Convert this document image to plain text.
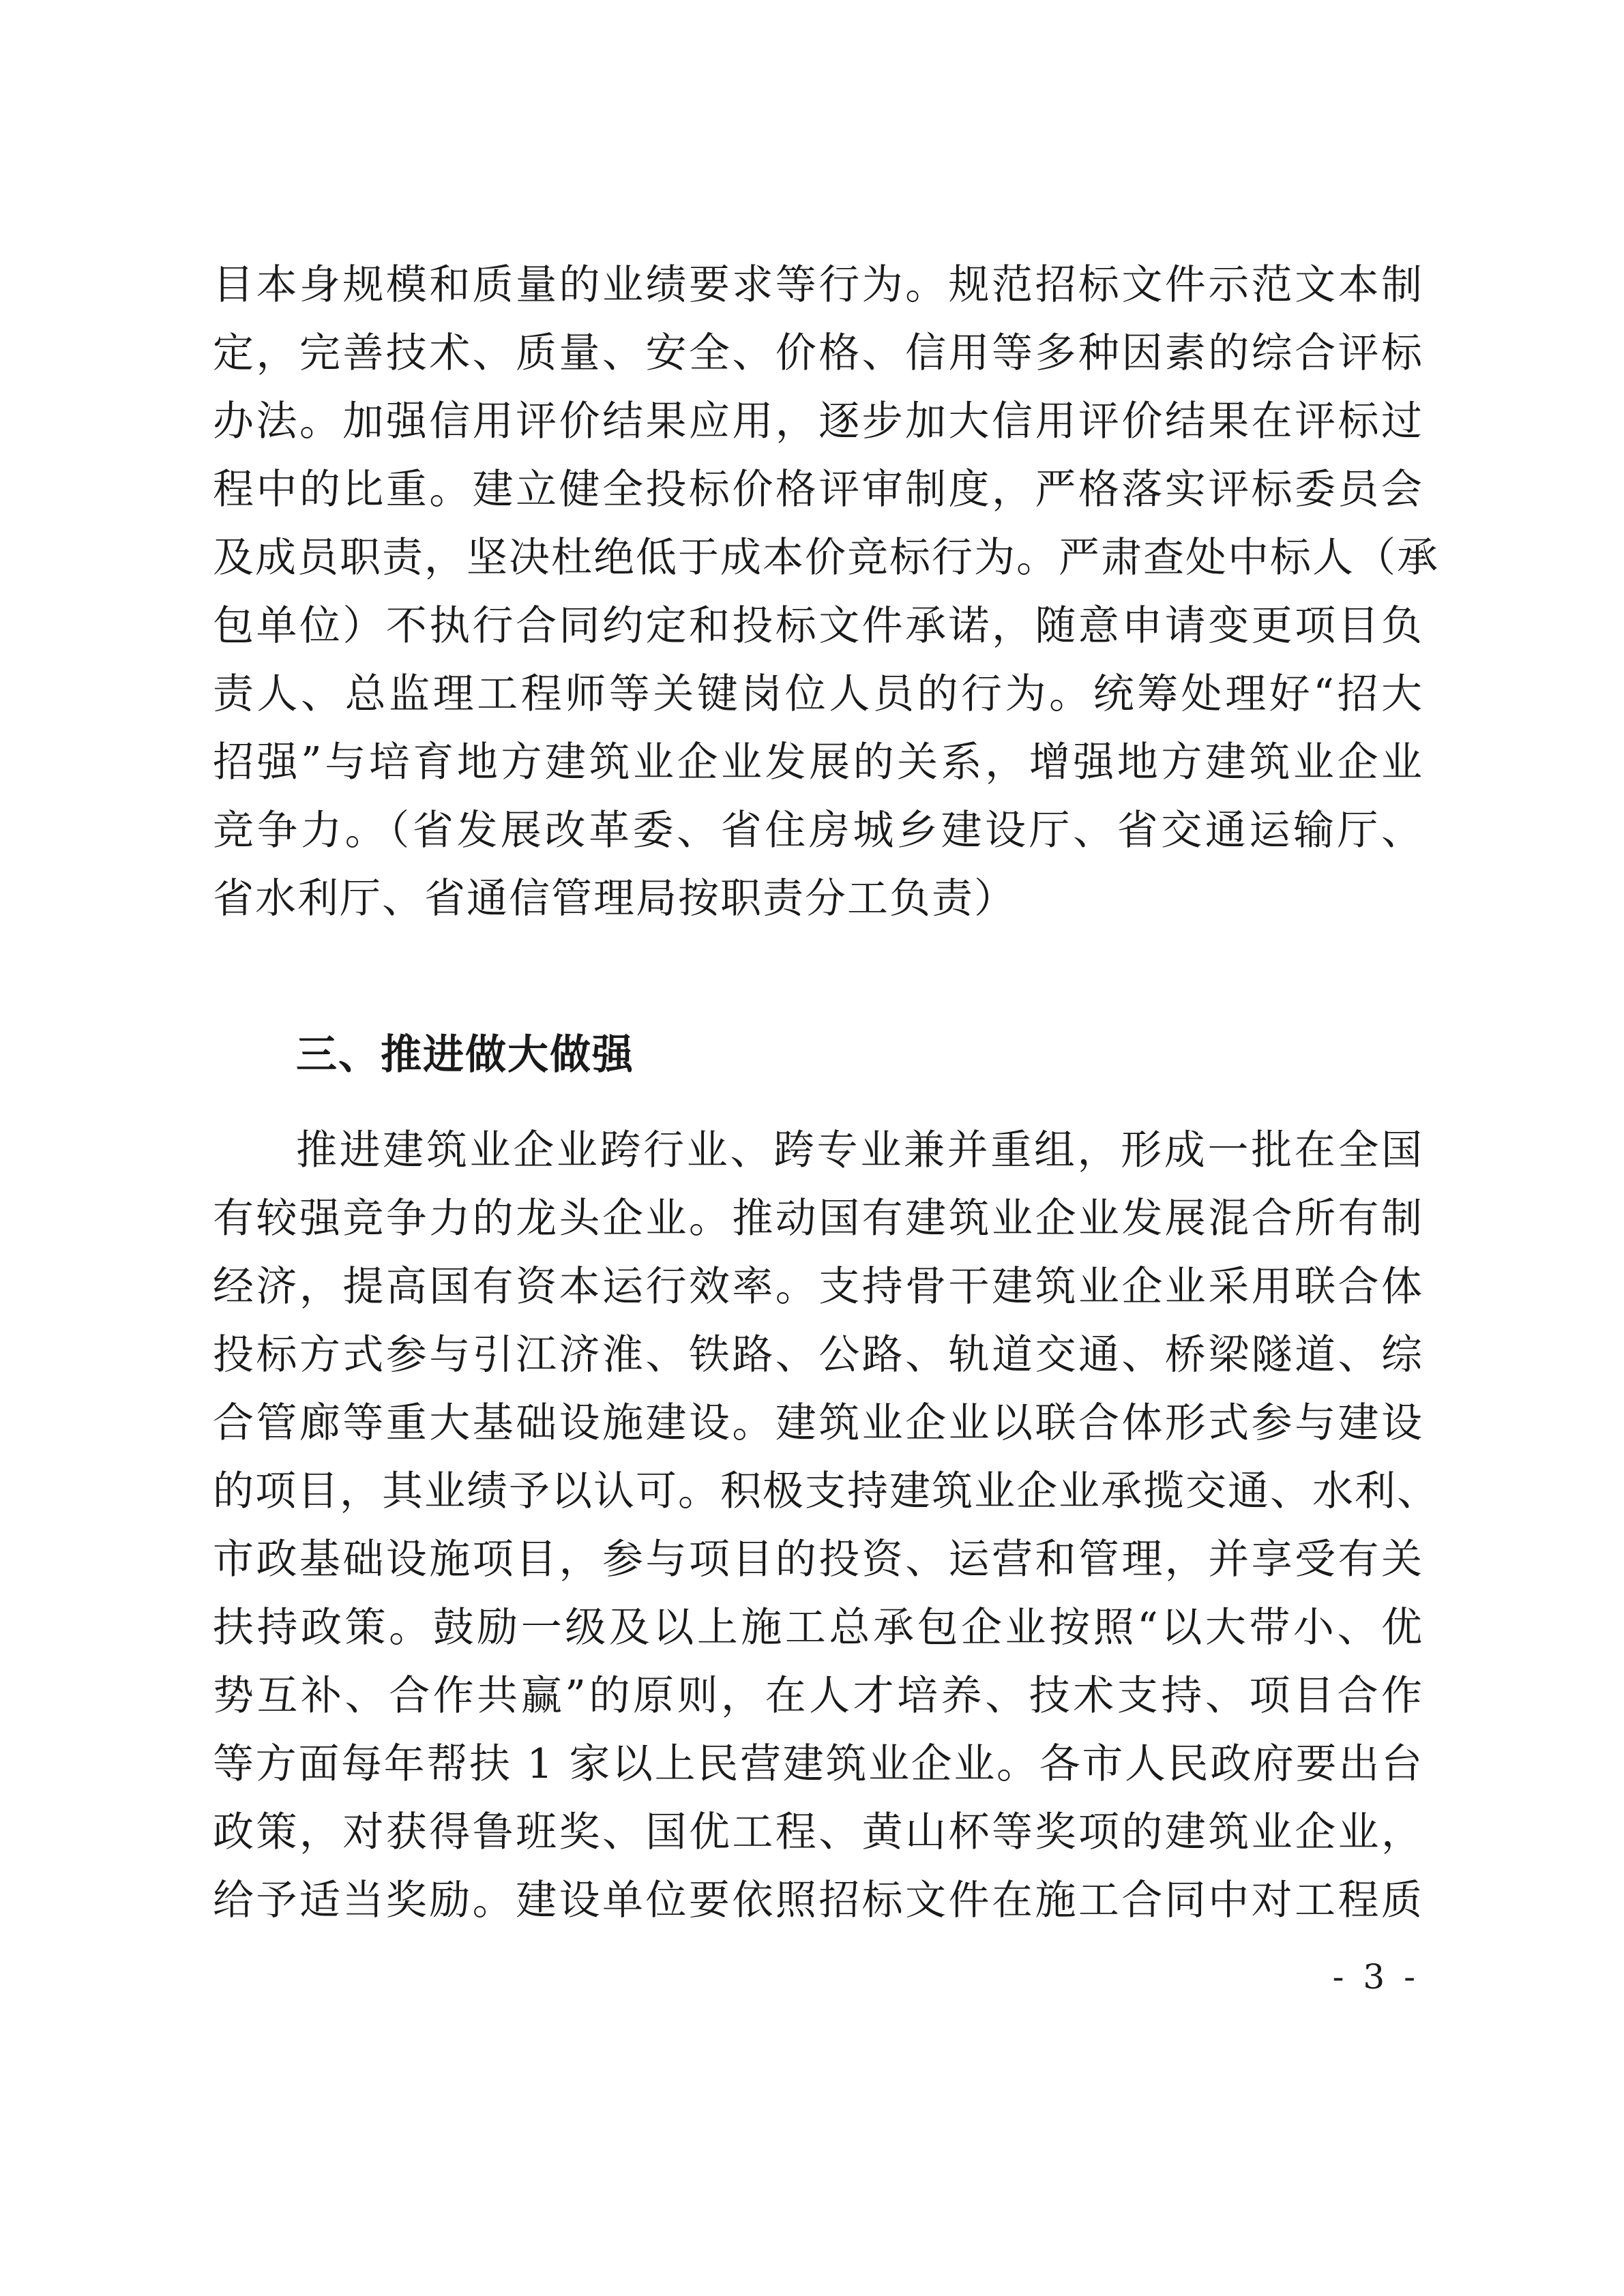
目本身规模和质量的业绩要求等行为。规范招标文件示范文本制
定，完善技术、质量、安全、价格、信用等多种因素的综合评标
办法。加强信用评价结果应用，逐步加大信用评价结果在评标过
程中的比重。建立健全投标价格评审制度，严格落实评标委员会
及成员职责，坚决杜绝低于成本价竞标行为。严肃查处中标人（承
包单位）不执行合同约定和投标文件承诺，随意申请变更项目负
责人、总监理工程师等关键岗位人员的行为。统筹处理好“招大
招强”与培育地方建筑业企业发展的关系，增强地方建筑业企业
竞争力。（省发展改革委、省住房城乡建设厅、省交通运输厅、
省水利厅、省通信管理局按职责分工负责）
三、推进做大做强
推进建筑业企业跨行业、跨专业兼并重组，形成一批在全国
有较强竞争力的龙头企业。推动国有建筑业企业发展混合所有制
经济，提高国有资本运行效率。支持骨干建筑业企业采用联合体
投标方式参与引江济淮、铁路、公路、轨道交通、桥梁隧道、综
合管廊等重大基础设施建设。建筑业企业以联合体形式参与建设
的项目，其业绩予以认可。积极支持建筑业企业承揽交通、水利、
市政基础设施项目，参与项目的投资、运营和管理，并享受有关
扶持政策。鼓励一级及以上施工总承包企业按照“以大带小、优
势互补、合作共赢”的原则，在人才培养、技术支持、项目合作
等方面每年帮扶 1 家以上民营建筑业企业。各市人民政府要出台
政策，对获得鲁班奖、国优工程、黄山杯等奖项的建筑业企业，
给予适当奖励。建设单位要依照招标文件在施工合同中对工程质
- 3 -
